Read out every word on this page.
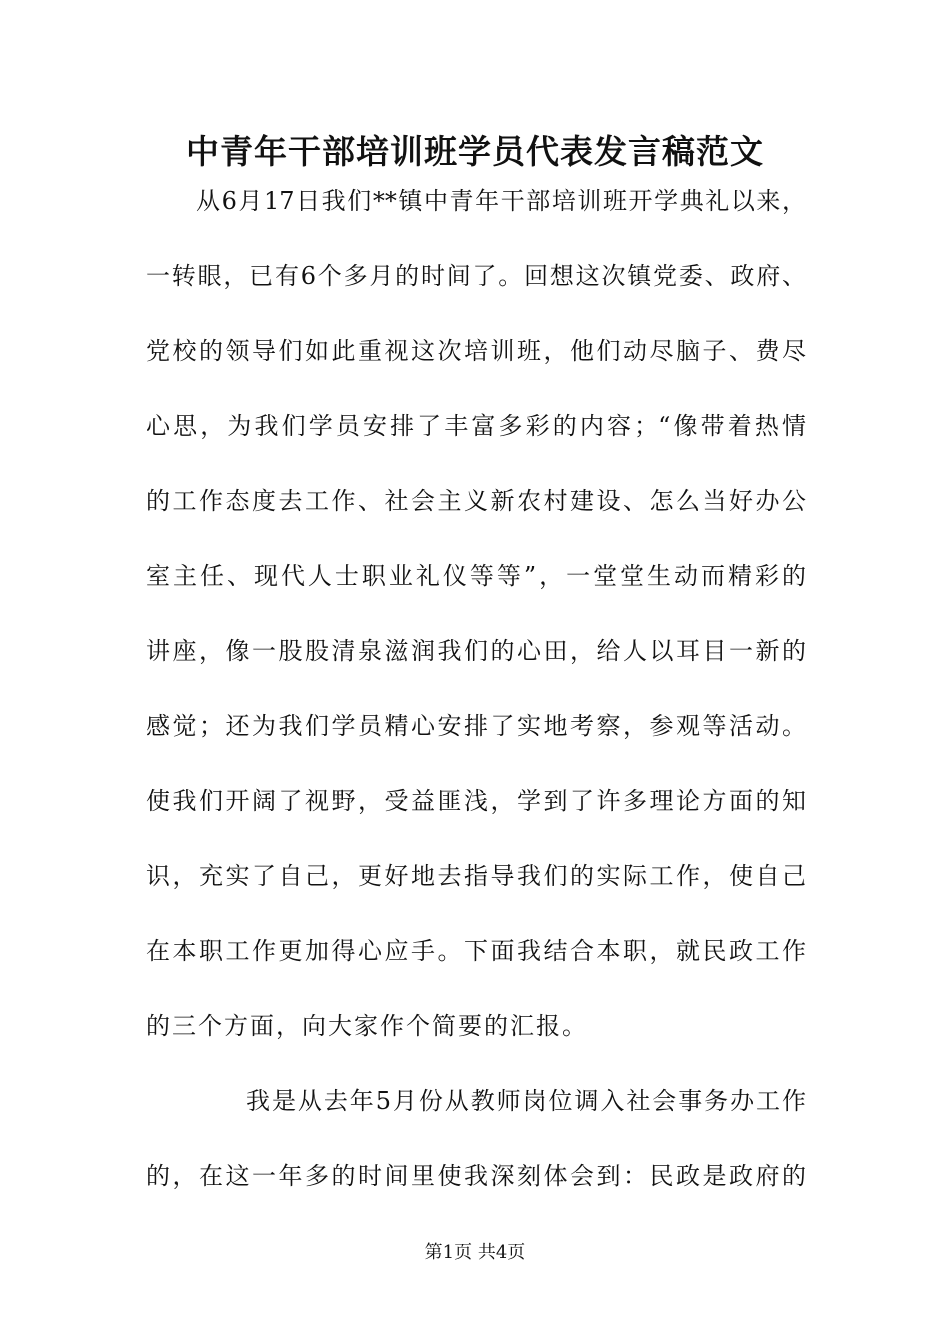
中青年干部培训班学员代表发言稿范文

从6月17日我们**镇中青年干部培训班开学典礼以来，

一转眼，已有6个多月的时间了。回想这次镇党委、政府、

党校的领导们如此重视这次培训班，他们动尽脑子、费尽

心思，为我们学员安排了丰富多彩的内容；“像带着热情

的工作态度去工作、社会主义新农村建设、怎么当好办公

室主任、现代人士职业礼仪等等”，一堂堂生动而精彩的

讲座，像一股股清泉滋润我们的心田，给人以耳目一新的

感觉；还为我们学员精心安排了实地考察，参观等活动。

使我们开阔了视野，受益匪浅，学到了许多理论方面的知

识，充实了自己，更好地去指导我们的实际工作，使自己

在本职工作更加得心应手。下面我结合本职，就民政工作

的三个方面，向大家作个简要的汇报。

我是从去年5月份从教师岗位调入社会事务办工作

的，在这一年多的时间里使我深刻体会到：民政是政府的

第1页 共4页
